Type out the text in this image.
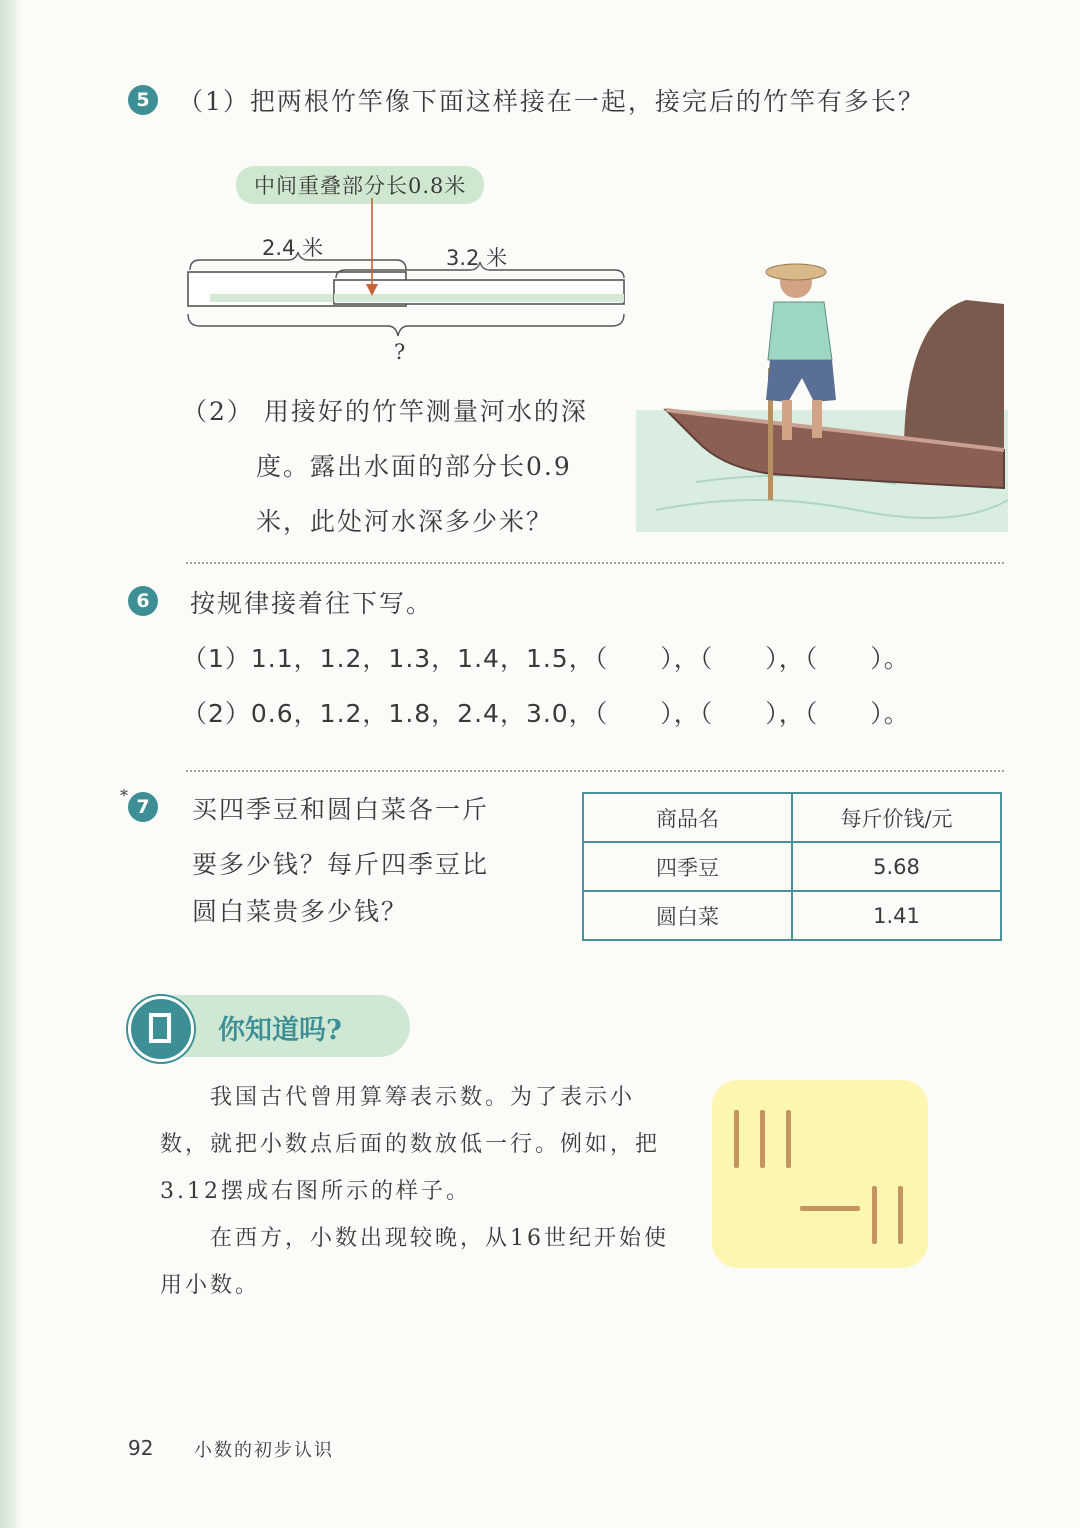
5 （1）把两根竹竿像下面这样接在一起，接完后的竹竿有多长？
中间重叠部分长0.8米
2.4 米	3.2 米
?
（2） 用接好的竹竿测量河水的深
度。露出水面的部分长0.9
米，此处河水深多少米？
6 按规律接着往下写。
（1）1.1，1.2，1.3，1.4，1.5，（　　），（　　），（　　）。
（2）0.6，1.2，1.8，2.4，3.0，（　　），（　　），（　　）。
*
7 买四季豆和圆白菜各一斤
要多少钱？每斤四季豆比
圆白菜贵多少钱？
商品名	每斤价钱/元
四季豆	5.68
圆白菜	1.41
你知道吗?
我国古代曾用算筹表示数。为了表示小
数，就把小数点后面的数放低一行。例如，把
3.12摆成右图所示的样子。
在西方，小数出现较晚，从16世纪开始使
用小数。
92 小数的初步认识
